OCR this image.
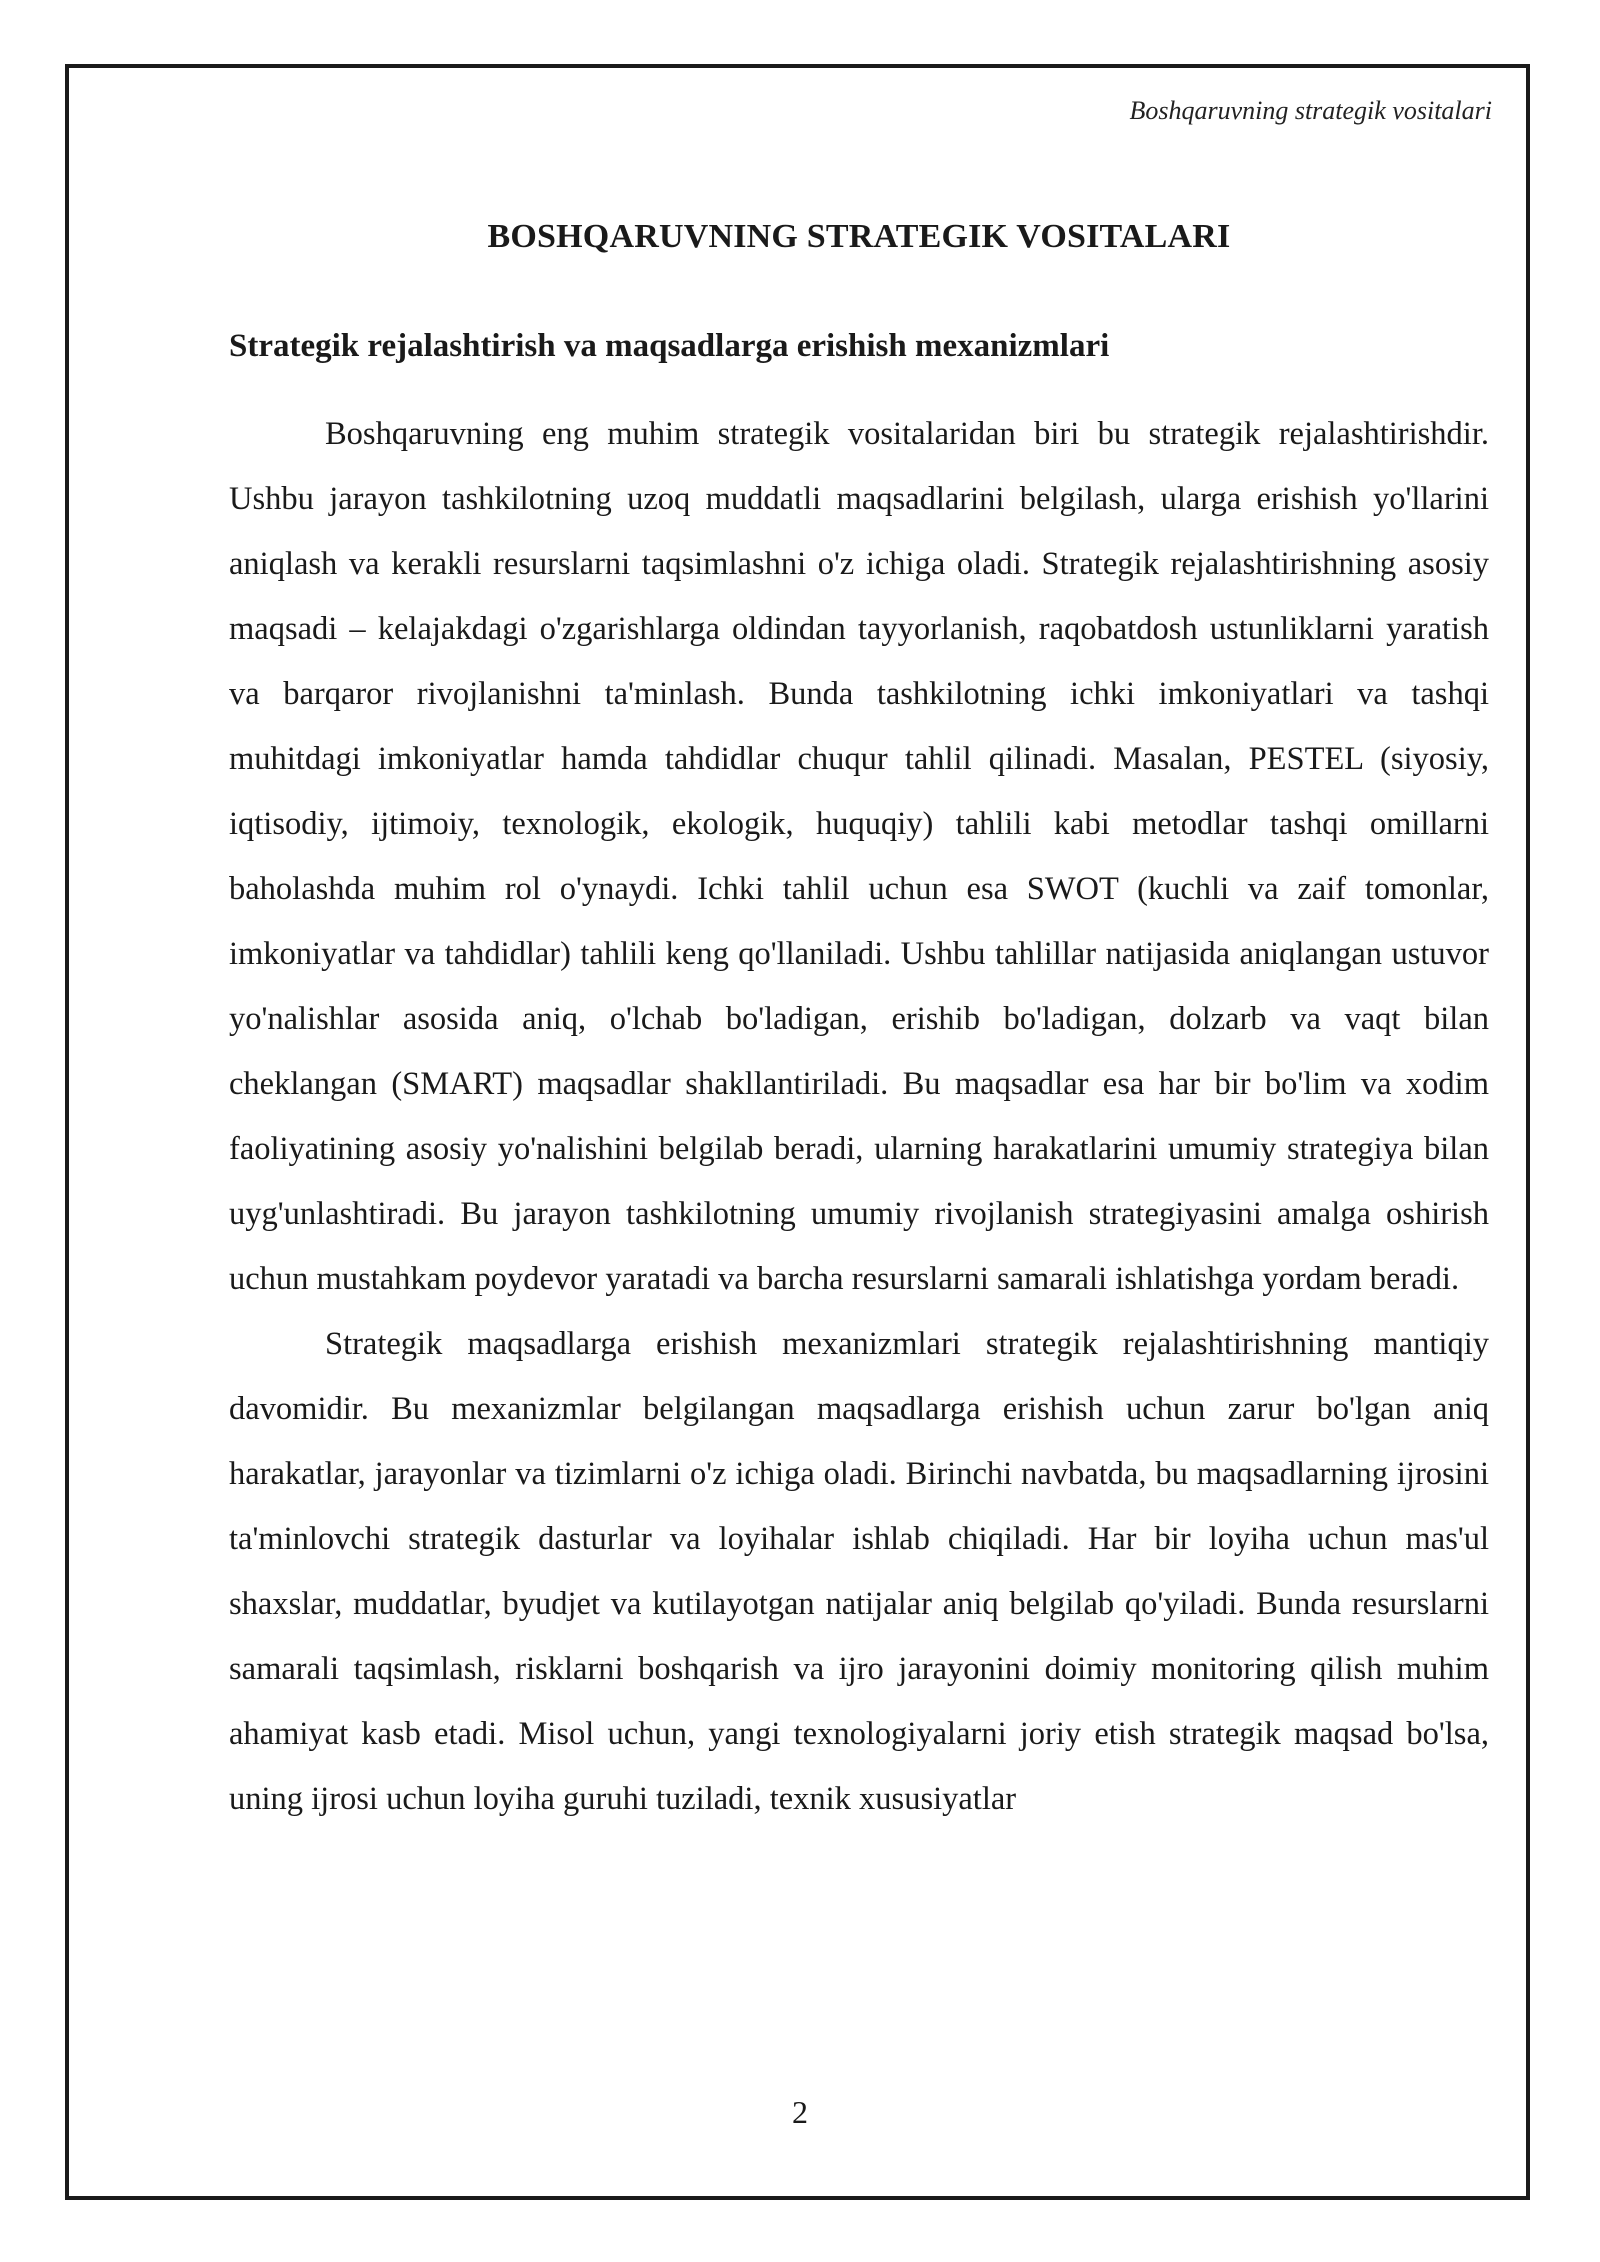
Boshqaruvning strategik vositalari
BOSHQARUVNING STRATEGIK VOSITALARI
Strategik rejalashtirish va maqsadlarga erishish mexanizmlari

Boshqaruvning eng muhim strategik vositalaridan biri bu strategik rejalashtirishdir. Ushbu jarayon tashkilotning uzoq muddatli maqsadlarini belgilash, ularga erishish yo'llarini aniqlash va kerakli resurslarni taqsimlashni o'z ichiga oladi. Strategik rejalashtirishning asosiy maqsadi – kelajakdagi o'zgarishlarga oldindan tayyorlanish, raqobatdosh ustunliklarni yaratish va barqaror rivojlanishni ta'minlash. Bunda tashkilotning ichki imkoniyatlari va tashqi muhitdagi imkoniyatlar hamda tahdidlar chuqur tahlil qilinadi. Masalan, PESTEL (siyosiy, iqtisodiy, ijtimoiy, texnologik, ekologik, huquqiy) tahlili kabi metodlar tashqi omillarni baholashda muhim rol o'ynaydi. Ichki tahlil uchun esa SWOT (kuchli va zaif tomonlar, imkoniyatlar va tahdidlar) tahlili keng qo'llaniladi. Ushbu tahlillar natijasida aniqlangan ustuvor yo'nalishlar asosida aniq, o'lchab bo'ladigan, erishib bo'ladigan, dolzarb va vaqt bilan cheklangan (SMART) maqsadlar shakllantiriladi. Bu maqsadlar esa har bir bo'lim va xodim faoliyatining asosiy yo'nalishini belgilab beradi, ularning harakatlarini umumiy strategiya bilan uyg'unlashtiradi. Bu jarayon tashkilotning umumiy rivojlanish strategiyasini amalga oshirish uchun mustahkam poydevor yaratadi va barcha resurslarni samarali ishlatishga yordam beradi.

Strategik maqsadlarga erishish mexanizmlari strategik rejalashtirishning mantiqiy davomidir. Bu mexanizmlar belgilangan maqsadlarga erishish uchun zarur bo'lgan aniq harakatlar, jarayonlar va tizimlarni o'z ichiga oladi. Birinchi navbatda, bu maqsadlarning ijrosini ta'minlovchi strategik dasturlar va loyihalar ishlab chiqiladi. Har bir loyiha uchun mas'ul shaxslar, muddatlar, byudjet va kutilayotgan natijalar aniq belgilab qo'yiladi. Bunda resurslarni samarali taqsimlash, risklarni boshqarish va ijro jarayonini doimiy monitoring qilish muhim ahamiyat kasb etadi. Misol uchun, yangi texnologiyalarni joriy etish strategik maqsad bo'lsa, uning ijrosi uchun loyiha guruhi tuziladi, texnik xususiyatlar

2
